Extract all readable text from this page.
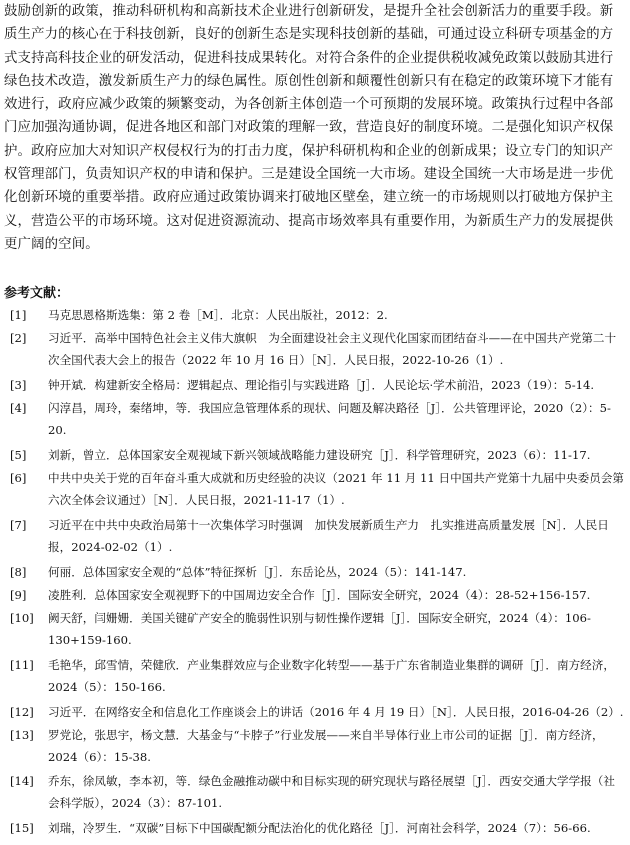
鼓励创新的政策，推动科研机构和高新技术企业进行创新研发，是提升全社会创新活力的重要手段。新质生产力的核心在于科技创新，良好的创新生态是实现科技创新的基础，可通过设立科研专项基金的方式支持高科技企业的研发活动，促进科技成果转化。对符合条件的企业提供税收减免政策以鼓励其进行绿色技术改造，激发新质生产力的绿色属性。原创性创新和颠覆性创新只有在稳定的政策环境下才能有效进行，政府应减少政策的频繁变动，为各创新主体创造一个可预期的发展环境。政策执行过程中各部门应加强沟通协调，促进各地区和部门对政策的理解一致，营造良好的制度环境。二是强化知识产权保护。政府应加大对知识产权侵权行为的打击力度，保护科研机构和企业的创新成果；设立专门的知识产权管理部门，负责知识产权的申请和保护。三是建设全国统一大市场。建设全国统一大市场是进一步优化创新环境的重要举措。政府应通过政策协调来打破地区壁垒，建立统一的市场规则以打破地方保护主义，营造公平的市场环境。这对促进资源流动、提高市场效率具有重要作用，为新质生产力的发展提供更广阔的空间。

参考文献：

[1] 马克思恩格斯选集：第 2 卷［M］．北京：人民出版社，2012：2.
[2] 习近平．高举中国特色社会主义伟大旗帜　为全面建设社会主义现代化国家而团结奋斗——在中国共产党第二十次全国代表大会上的报告（2022 年 10 月 16 日）［N］．人民日报，2022-10-26（1）.
[3] 钟开斌．构建新安全格局：逻辑起点、理论指引与实践进路［J］．人民论坛·学术前沿，2023（19）：5-14.
[4] 闪淳昌，周玲，秦绪坤，等．我国应急管理体系的现状、问题及解决路径［J］．公共管理评论，2020（2）：5-20.
[5] 刘新，曾立．总体国家安全观视域下新兴领域战略能力建设研究［J］．科学管理研究，2023（6）：11-17.
[6] 中共中央关于党的百年奋斗重大成就和历史经验的决议（2021 年 11 月 11 日中国共产党第十九届中央委员会第六次全体会议通过）［N］．人民日报，2021-11-17（1）.
[7] 习近平在中共中央政治局第十一次集体学习时强调　加快发展新质生产力　扎实推进高质量发展［N］．人民日报，2024-02-02（1）.
[8] 何丽．总体国家安全观的“总体”特征探析［J］．东岳论丛，2024（5）：141-147.
[9] 凌胜利．总体国家安全观视野下的中国周边安全合作［J］．国际安全研究，2024（4）：28-52+156-157.
[10] 阙天舒，闫姗姗．美国关键矿产安全的脆弱性识别与韧性操作逻辑［J］．国际安全研究，2024（4）：106-130+159-160.
[11] 毛艳华，邱雪情，荣健欣．产业集群效应与企业数字化转型——基于广东省制造业集群的调研［J］．南方经济，2024（5）：150-166.
[12] 习近平．在网络安全和信息化工作座谈会上的讲话（2016 年 4 月 19 日）［N］．人民日报，2016-04-26（2）.
[13] 罗党论，张思宇，杨文慧．大基金与“卡脖子”行业发展——来自半导体行业上市公司的证据［J］．南方经济，2024（6）：15-38.
[14] 乔东，徐凤敏，李本初，等．绿色金融推动碳中和目标实现的研究现状与路径展望［J］．西安交通大学学报（社会科学版），2024（3）：87-101.
[15] 刘瑞，冷罗生．“双碳”目标下中国碳配额分配法治化的优化路径［J］．河南社会科学，2024（7）：56-66.
